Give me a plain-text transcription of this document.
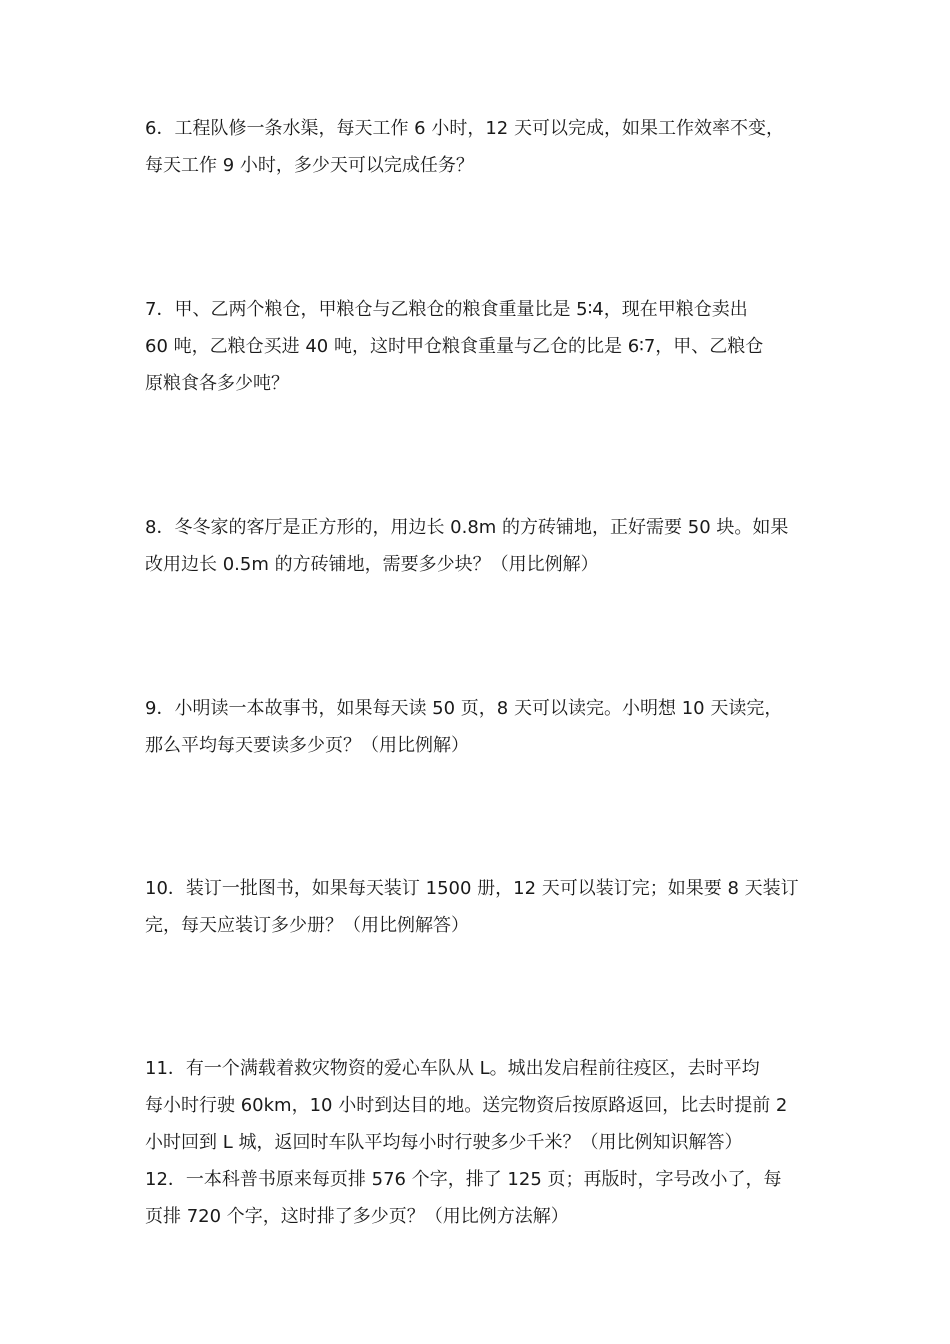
6．工程队修一条水渠，每天工作 6 小时，12 天可以完成，如果工作效率不变，
每天工作 9 小时，多少天可以完成任务？
7．甲、乙两个粮仓，甲粮仓与乙粮仓的粮食重量比是 5∶4，现在甲粮仓卖出
60 吨，乙粮仓买进 40 吨，这时甲仓粮食重量与乙仓的比是 6∶7，甲、乙粮仓
原粮食各多少吨？
8．冬冬家的客厅是正方形的，用边长 0.8m 的方砖铺地，正好需要 50 块。如果
改用边长 0.5m 的方砖铺地，需要多少块？（用比例解）
9．小明读一本故事书，如果每天读 50 页，8 天可以读完。小明想 10 天读完，
那么平均每天要读多少页？（用比例解）
10．装订一批图书，如果每天装订 1500 册，12 天可以装订完；如果要 8 天装订
完，每天应装订多少册？（用比例解答）
11．有一个满载着救灾物资的爱心车队从 L。城出发启程前往疫区，去时平均
每小时行驶 60km，10 小时到达目的地。送完物资后按原路返回，比去时提前 2
小时回到 L 城，返回时车队平均每小时行驶多少千米？（用比例知识解答）
12．一本科普书原来每页排 576 个字，排了 125 页；再版时，字号改小了，每
页排 720 个字，这时排了多少页？（用比例方法解）
